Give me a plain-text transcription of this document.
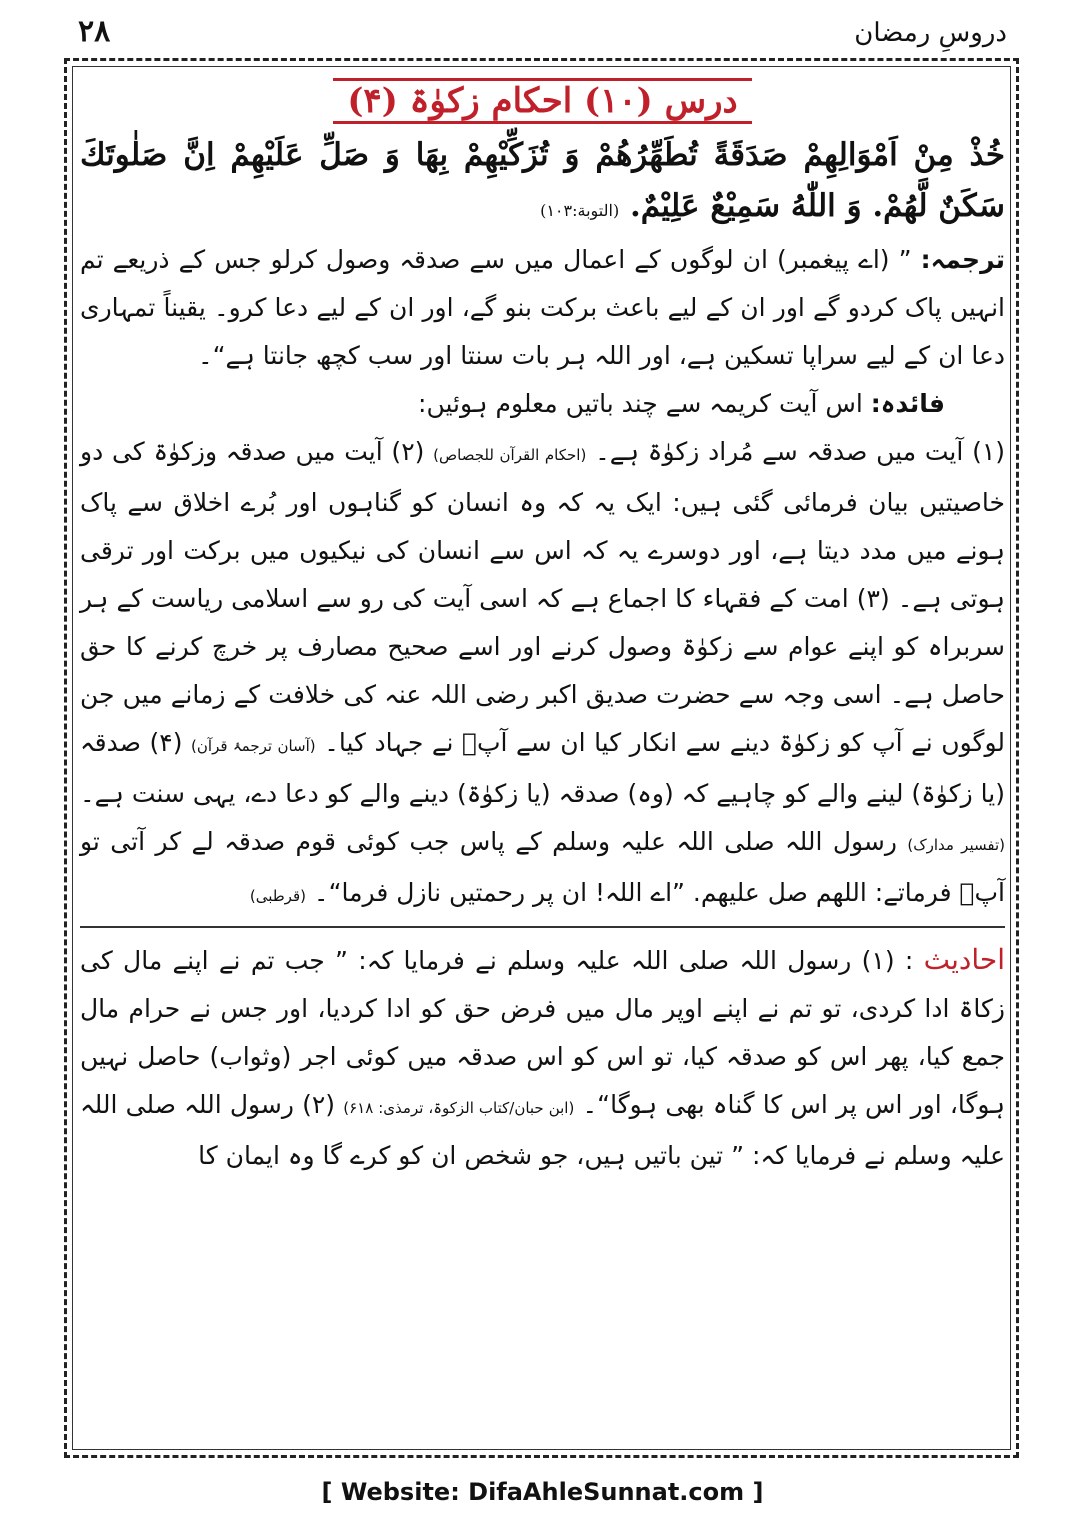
۲۸	دروسِ رمضان
درس (۱۰) احکام زکوٰۃ (۴)
خُذْ مِنْ اَمْوَالِهِمْ صَدَقَةً تُطَهِّرُهُمْ وَ تُزَكِّيْهِمْ بِهَا وَ صَلِّ عَلَيْهِمْ اِنَّ صَلٰوتَكَ
سَكَنٌ لَّهُمْ. وَ اللّٰهُ سَمِيْعٌ عَلِيْمٌ. (التوبة:۱۰۳)

ترجمہ: ” (اے پیغمبر) ان لوگوں کے اعمال میں سے صدقہ وصول کرلو جس کے ذریعے تم انہیں پاک کردو گے اور ان کے لیے باعث برکت بنو گے، اور ان کے لیے دعا کرو۔ یقیناً تمہاری دعا ان کے لیے سراپا تسکین ہے، اور اللہ ہر بات سنتا اور سب کچھ جانتا ہے“۔

فائدہ: اس آیت کریمہ سے چند باتیں معلوم ہوئیں:

(۱) آیت میں صدقہ سے مُراد زکوٰۃ ہے۔ (احکام القرآن للجصاص) (۲) آیت میں صدقہ وزکوٰۃ کی دو خاصیتیں بیان فرمائی گئی ہیں: ایک یہ کہ وہ انسان کو گناہوں اور بُرے اخلاق سے پاک ہونے میں مدد دیتا ہے، اور دوسرے یہ کہ اس سے انسان کی نیکیوں میں برکت اور ترقی ہوتی ہے۔ (۳) امت کے فقہاء کا اجماع ہے کہ اسی آیت کی رو سے اسلامی ریاست کے ہر سربراہ کو اپنے عوام سے زکوٰۃ وصول کرنے اور اسے صحیح مصارف پر خرچ کرنے کا حق حاصل ہے۔ اسی وجہ سے حضرت صدیق اکبر رضی اللہ عنہ کی خلافت کے زمانے میں جن لوگوں نے آپ کو زکوٰۃ دینے سے انکار کیا ان سے آپؓ نے جہاد کیا۔ (آسان ترجمۂ قرآن) (۴) صدقہ (یا زکوٰۃ) لینے والے کو چاہیے کہ (وہ) صدقہ (یا زکوٰۃ) دینے والے کو دعا دے، یہی سنت ہے۔ (تفسیر مدارک) رسول اللہ صلی اللہ علیہ وسلم کے پاس جب کوئی قوم صدقہ لے کر آتی تو آپؐ فرماتے: اللھم صل علیھم. ”اے اللہ! ان پر رحمتیں نازل فرما“۔ (قرطبی)

احادیث : (۱) رسول اللہ صلی اللہ علیہ وسلم نے فرمایا کہ: ” جب تم نے اپنے مال کی زکاۃ ادا کردی، تو تم نے اپنے اوپر مال میں فرض حق کو ادا کردیا، اور جس نے حرام مال جمع کیا، پھر اس کو صدقہ کیا، تو اس کو اس صدقہ میں کوئی اجر (وثواب) حاصل نہیں ہوگا، اور اس پر اس کا گناہ بھی ہوگا“۔ (ابن حبان/کتاب الزکوۃ، ترمذی: ۶۱۸) (۲) رسول اللہ صلی اللہ علیہ وسلم نے فرمایا کہ: ” تین باتیں ہیں، جو شخص ان کو کرے گا وہ ایمان کا

[ Website: DifaAhleSunnat.com ]
